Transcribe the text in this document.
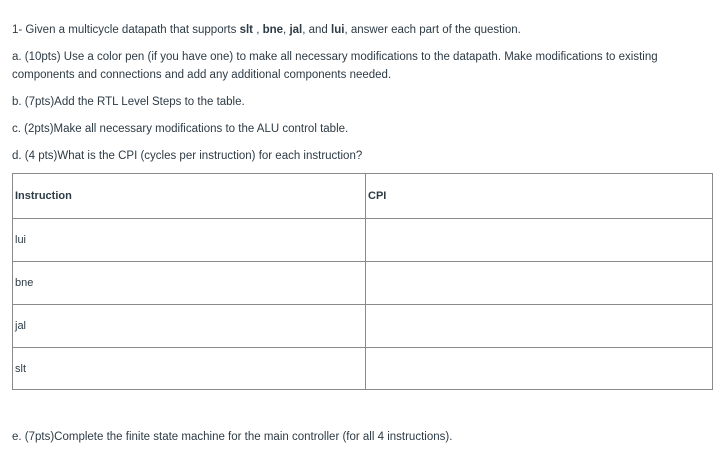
1- Given a multicycle datapath that supports slt , bne, jal, and lui, answer each part of the question.

a. (10pts) Use a color pen (if you have one) to make all necessary modifications to the datapath. Make modifications to existing components and connections and add any additional components needed.

b. (7pts)Add the RTL Level Steps to the table.

c. (2pts)Make all necessary modifications to the ALU control table.

d. (4 pts)What is the CPI (cycles per instruction) for each instruction?

Instruction	CPI
lui	
bne	
jal	
slt	

e. (7pts)Complete the finite state machine for the main controller (for all 4 instructions).
